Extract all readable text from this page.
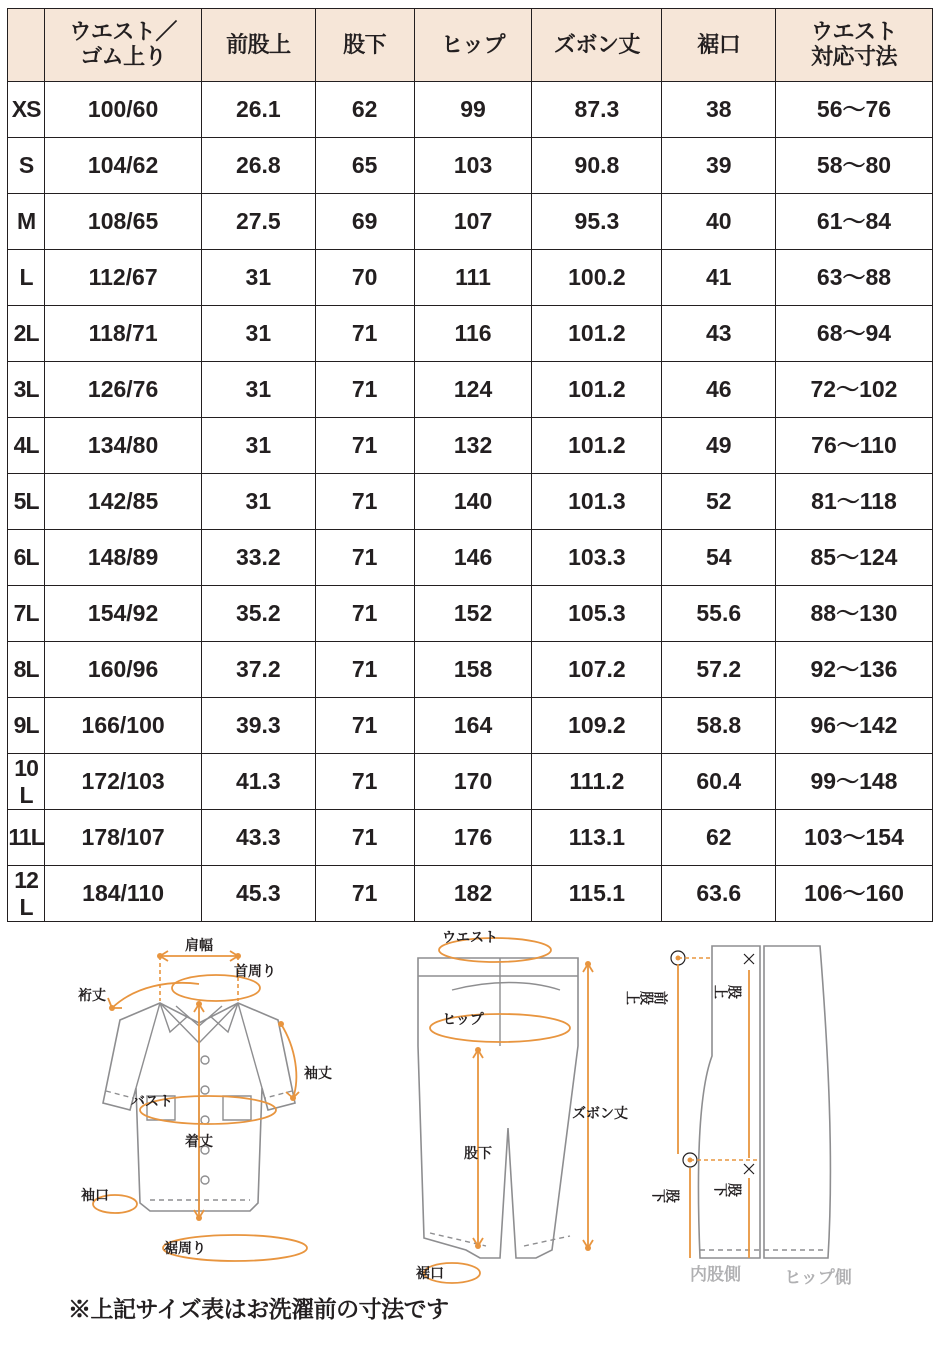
	ウエスト／
ゴム上り	前股上	股下	ヒップ	ズボン丈	裾口	ウエスト
対応寸法

XS	100/60	26.1	62	99	87.3	38	56〜76
S	104/62	26.8	65	103	90.8	39	58〜80
M	108/65	27.5	69	107	95.3	40	61〜84
L	112/67	31	70	111	100.2	41	63〜88
2L	118/71	31	71	116	101.2	43	68〜94
3L	126/76	31	71	124	101.2	46	72〜102
4L	134/80	31	71	132	101.2	49	76〜110
5L	142/85	31	71	140	101.3	52	81〜118
6L	148/89	33.2	71	146	103.3	54	85〜124
7L	154/92	35.2	71	152	105.3	55.6	88〜130
8L	160/96	37.2	71	158	107.2	57.2	92〜136
9L	166/100	39.3	71	164	109.2	58.8	96〜142
10L	172/103	41.3	71	170	111.2	60.4	99〜148
11L	178/107	43.3	71	176	113.1	62	103〜154
12L	184/110	45.3	71	182	115.1	63.6	106〜160
肩幅
首周り
裄丈
バスト
袖丈
着丈
袖口
裾周り
ウエスト
ヒップ
股下
ズボン丈
裾口
前股上	股上
股下 股下
内股側	ヒップ側
※上記サイズ表はお洗濯前の寸法です
